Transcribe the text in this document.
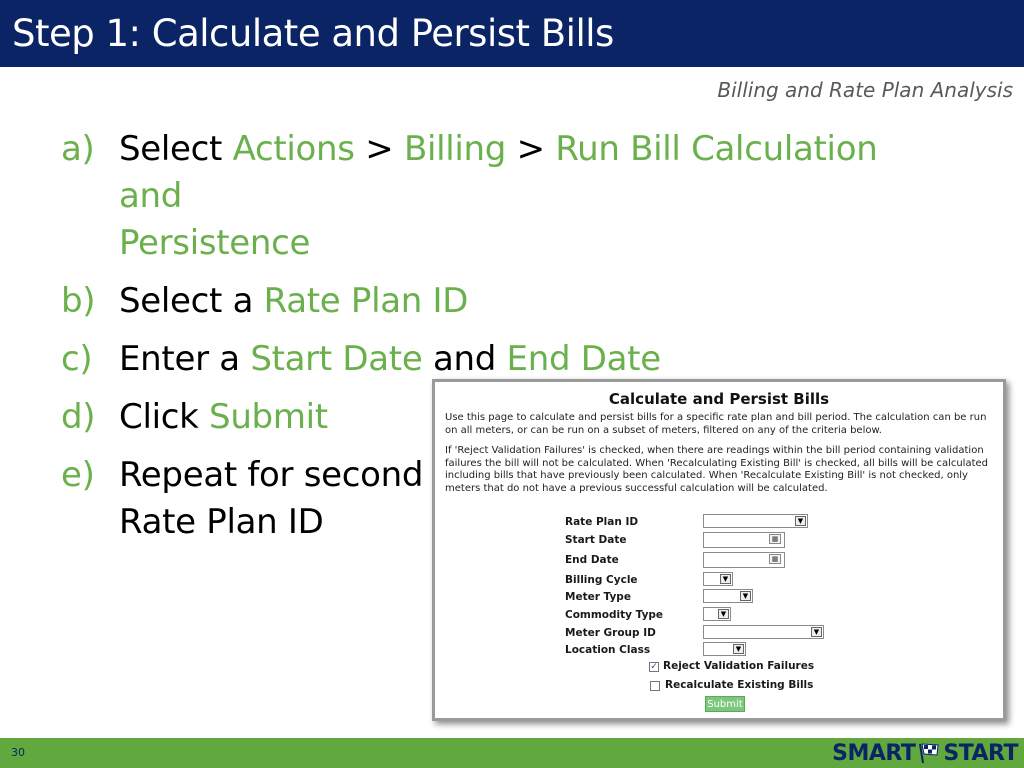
Step 1: Calculate and Persist Bills
Billing and Rate Plan Analysis
a) Select Actions > Billing > Run Bill Calculation and
Persistence
b) Select a Rate Plan ID
c) Enter a Start Date and End Date
d) Click Submit
e) Repeat for second
Rate Plan ID
Calculate and Persist Bills

Use this page to calculate and persist bills for a specific rate plan and bill period. The calculation can be run on all meters, or can be run on a subset of meters, filtered on any of the criteria below.

If 'Reject Validation Failures' is checked, when there are readings within the bill period containing validation failures the bill will not be calculated. When 'Recalculating Existing Bill' is checked, all bills will be calculated including bills that have previously been calculated. When 'Recalculate Existing Bill' is not checked, only meters that do not have a previous successful calculation will be calculated.

Rate Plan ID	▼
Start Date	▦
End Date	▦
Billing Cycle	▼
Meter Type	▼
Commodity Type	▼
Meter Group ID	▼
Location Class	▼
✓ Reject Validation Failures
Recalculate Existing Bills
Submit
30	SMART START
